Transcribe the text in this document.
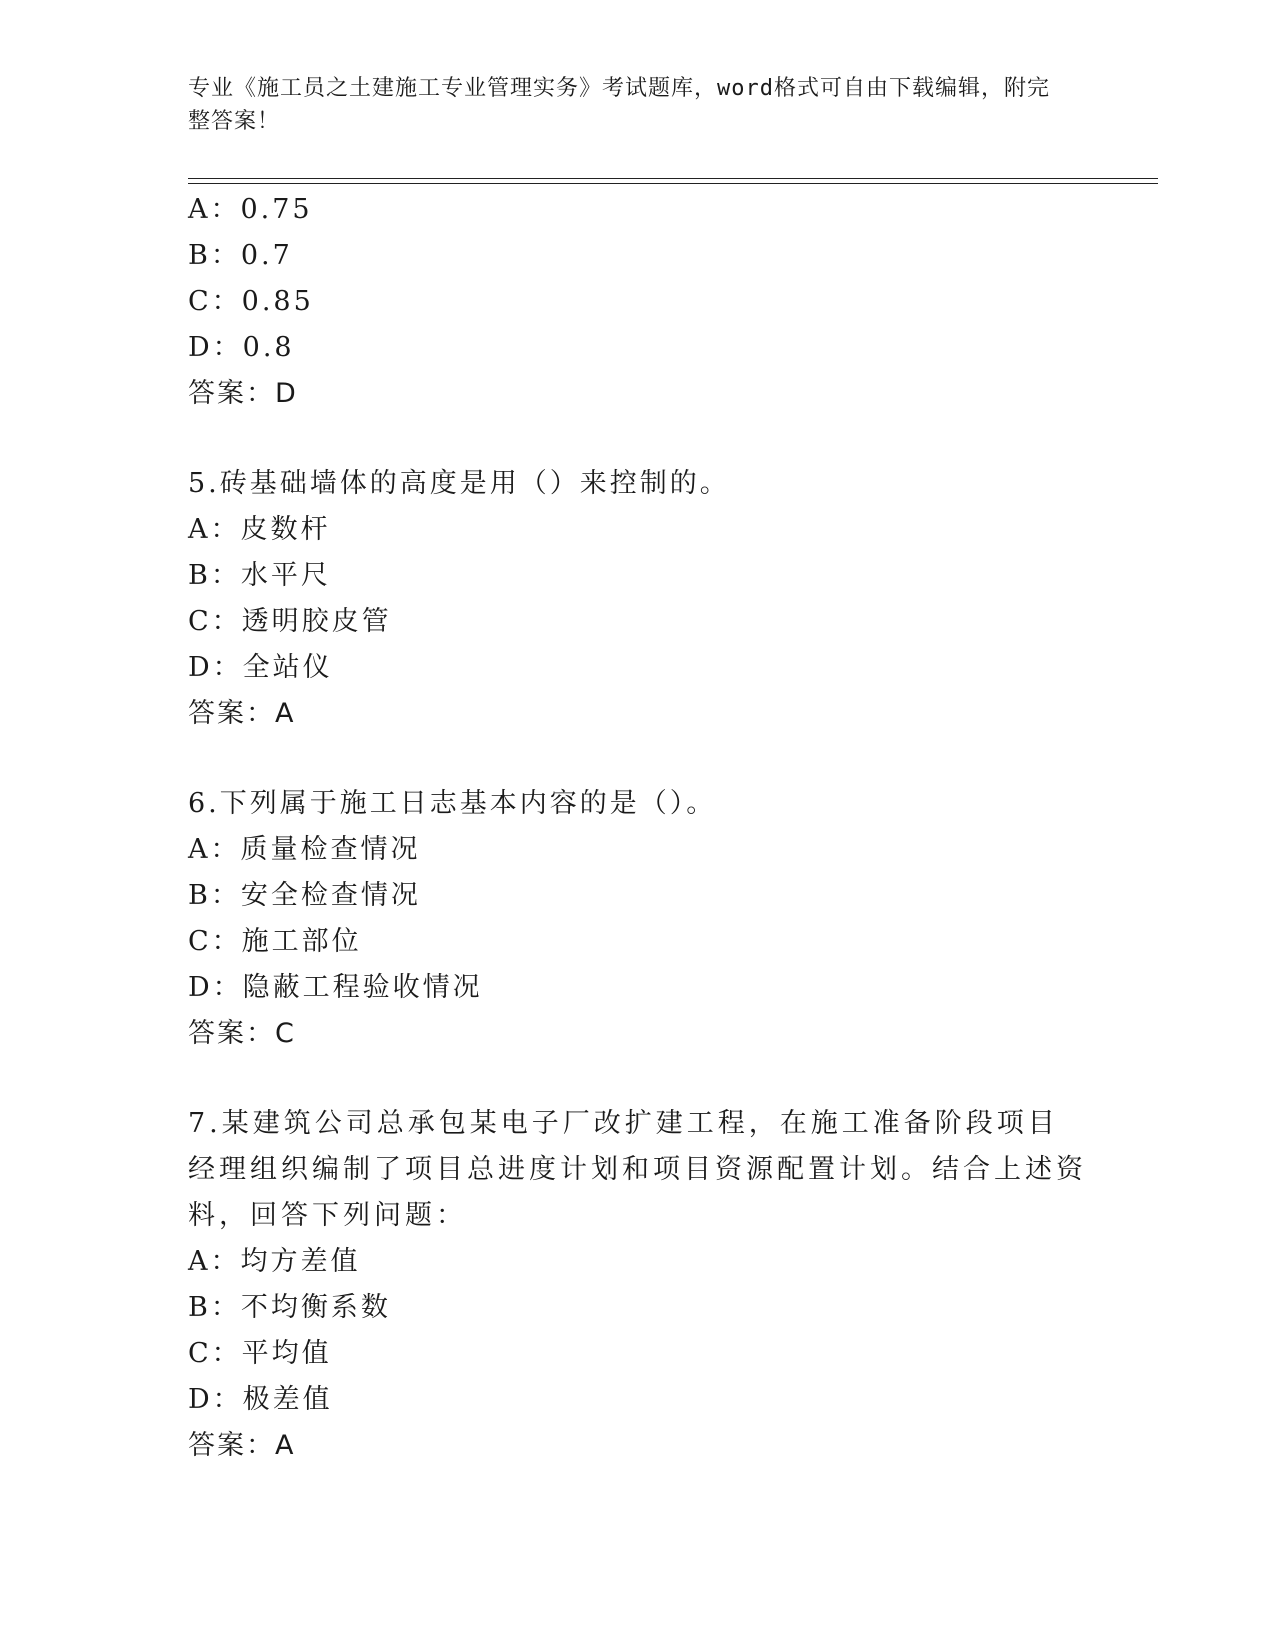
专业《施工员之土建施工专业管理实务》考试题库，word格式可自由下载编辑，附完整答案！
A：0.75
B：0.7
C：0.85
D：0.8
答案：D
5.砖基础墙体的高度是用（）来控制的。
A：皮数杆
B：水平尺
C：透明胶皮管
D：全站仪
答案：A
6.下列属于施工日志基本内容的是（）。
A：质量检查情况
B：安全检查情况
C：施工部位
D：隐蔽工程验收情况
答案：C
7.某建筑公司总承包某电子厂改扩建工程，在施工准备阶段项目经理组织编制了项目总进度计划和项目资源配置计划。结合上述资料，回答下列问题：
A：均方差值
B：不均衡系数
C：平均值
D：极差值
答案：A
